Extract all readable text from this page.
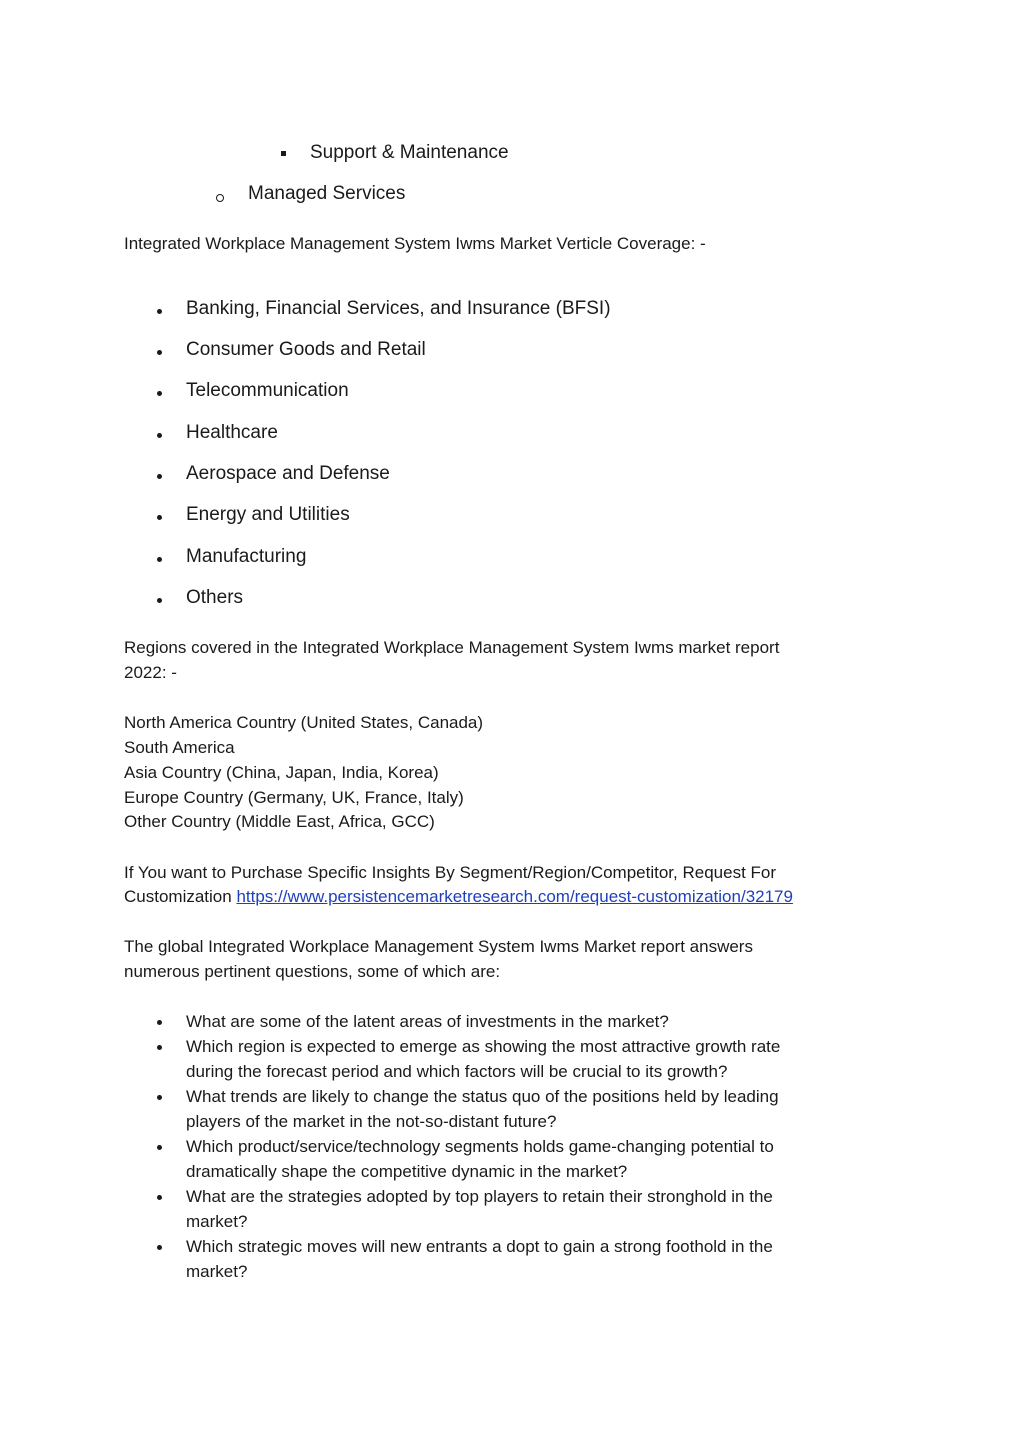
Support & Maintenance
Managed Services
Integrated Workplace Management System Iwms Market Verticle Coverage: -
Banking, Financial Services, and Insurance (BFSI)
Consumer Goods and Retail
Telecommunication
Healthcare
Aerospace and Defense
Energy and Utilities
Manufacturing
Others
Regions covered in the Integrated Workplace Management System Iwms market report
2022: -
North America Country (United States, Canada)
South America
Asia Country (China, Japan, India, Korea)
Europe Country (Germany, UK, France, Italy)
Other Country (Middle East, Africa, GCC)
If You want to Purchase Specific Insights By Segment/Region/Competitor, Request For
Customization https://www.persistencemarketresearch.com/request-customization/32179
The global Integrated Workplace Management System Iwms Market report answers
numerous pertinent questions, some of which are:
What are some of the latent areas of investments in the market?
Which region is expected to emerge as showing the most attractive growth rate
during the forecast period and which factors will be crucial to its growth?
What trends are likely to change the status quo of the positions held by leading
players of the market in the not-so-distant future?
Which product/service/technology segments holds game-changing potential to
dramatically shape the competitive dynamic in the market?
What are the strategies adopted by top players to retain their stronghold in the
market?
Which strategic moves will new entrants a dopt to gain a strong foothold in the
market?
